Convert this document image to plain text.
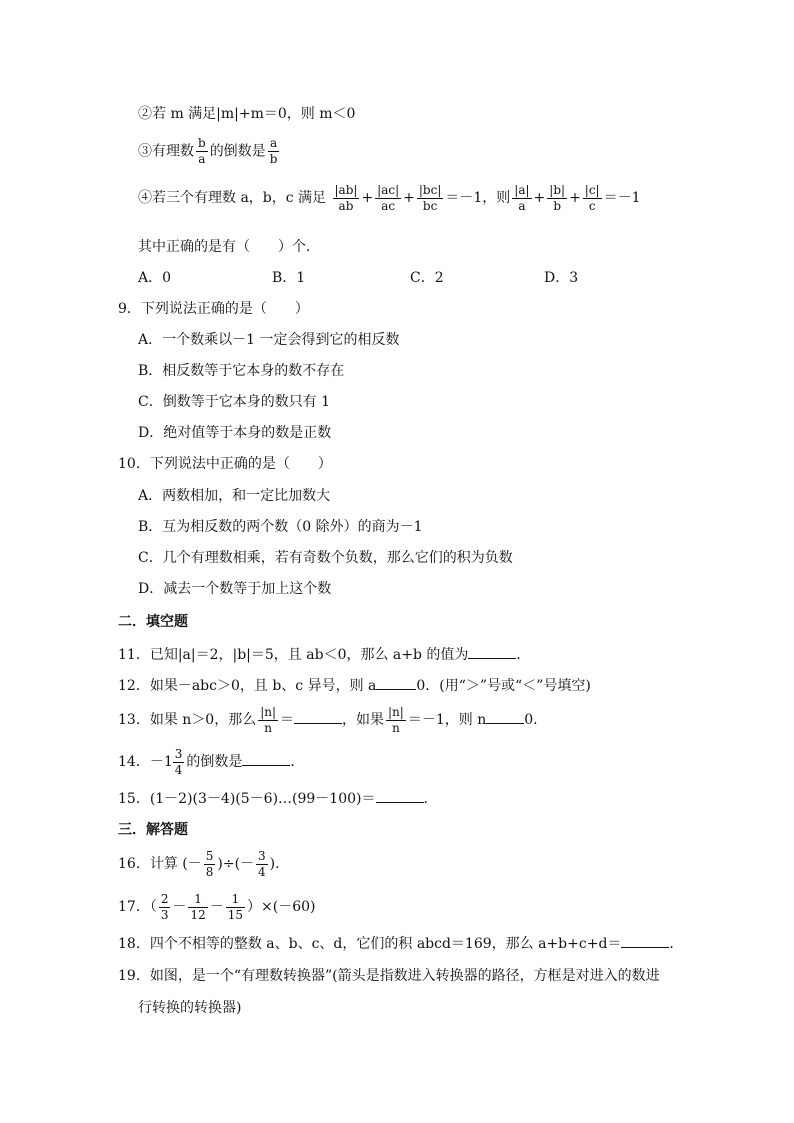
②若 m 满足|m|+m＝0，则 m＜0
③有理数 $\frac{b}{a}$ 的倒数是 $\frac{a}{b}$
④若三个有理数 a，b，c 满足 $\frac{|ab|}{ab} + \frac{|ac|}{ac} + \frac{|bc|}{bc} =-1$，则 $\frac{|a|}{a} + \frac{|b|}{b} + \frac{|c|}{c} =-1$
其中正确的是有（　　）个．
A．0	B．1	C．2	D．3
9．下列说法正确的是（　　）
A．一个数乘以－1 一定会得到它的相反数
B．相反数等于它本身的数不存在
C．倒数等于它本身的数只有 1
D．绝对值等于本身的数是正数
10．下列说法中正确的是（　　）
A．两数相加，和一定比加数大
B．互为相反数的两个数（0 除外）的商为－1
C．几个有理数相乘，若有奇数个负数，那么它们的积为负数
D．减去一个数等于加上这个数
二．填空题
11．已知|a|＝2，|b|＝5，且 ab＜0，那么 a+b 的值为	．
12．如果－abc＞0，且 b、c 异号，则 a	0．(用“＞”号或“＜”号填空)
13．如果 n＞0，那么 $\frac{|n|}{n}$ ＝	，如果 $\frac{|n|}{n} =-1$，则 n	0.
14．$-1 \frac{3}{4}$ 的倒数是	．
15．(1－2)(3－4)(5－6)…(99－100)＝	．
三．解答题
16．计算 (－ $\frac{5}{8}$ )÷(－ $\frac{3}{4}$ )．
17．（ $\frac{2}{3} - \frac{1}{12} - \frac{1}{15} )\times(-60)$
18．四个不相等的整数 a、b、c、d，它们的积 abcd＝169，那么 a+b+c+d＝	．
19．如图，是一个“有理数转换器”(箭头是指数进入转换器的路径，方框是对进入的数进
行转换的转换器)
